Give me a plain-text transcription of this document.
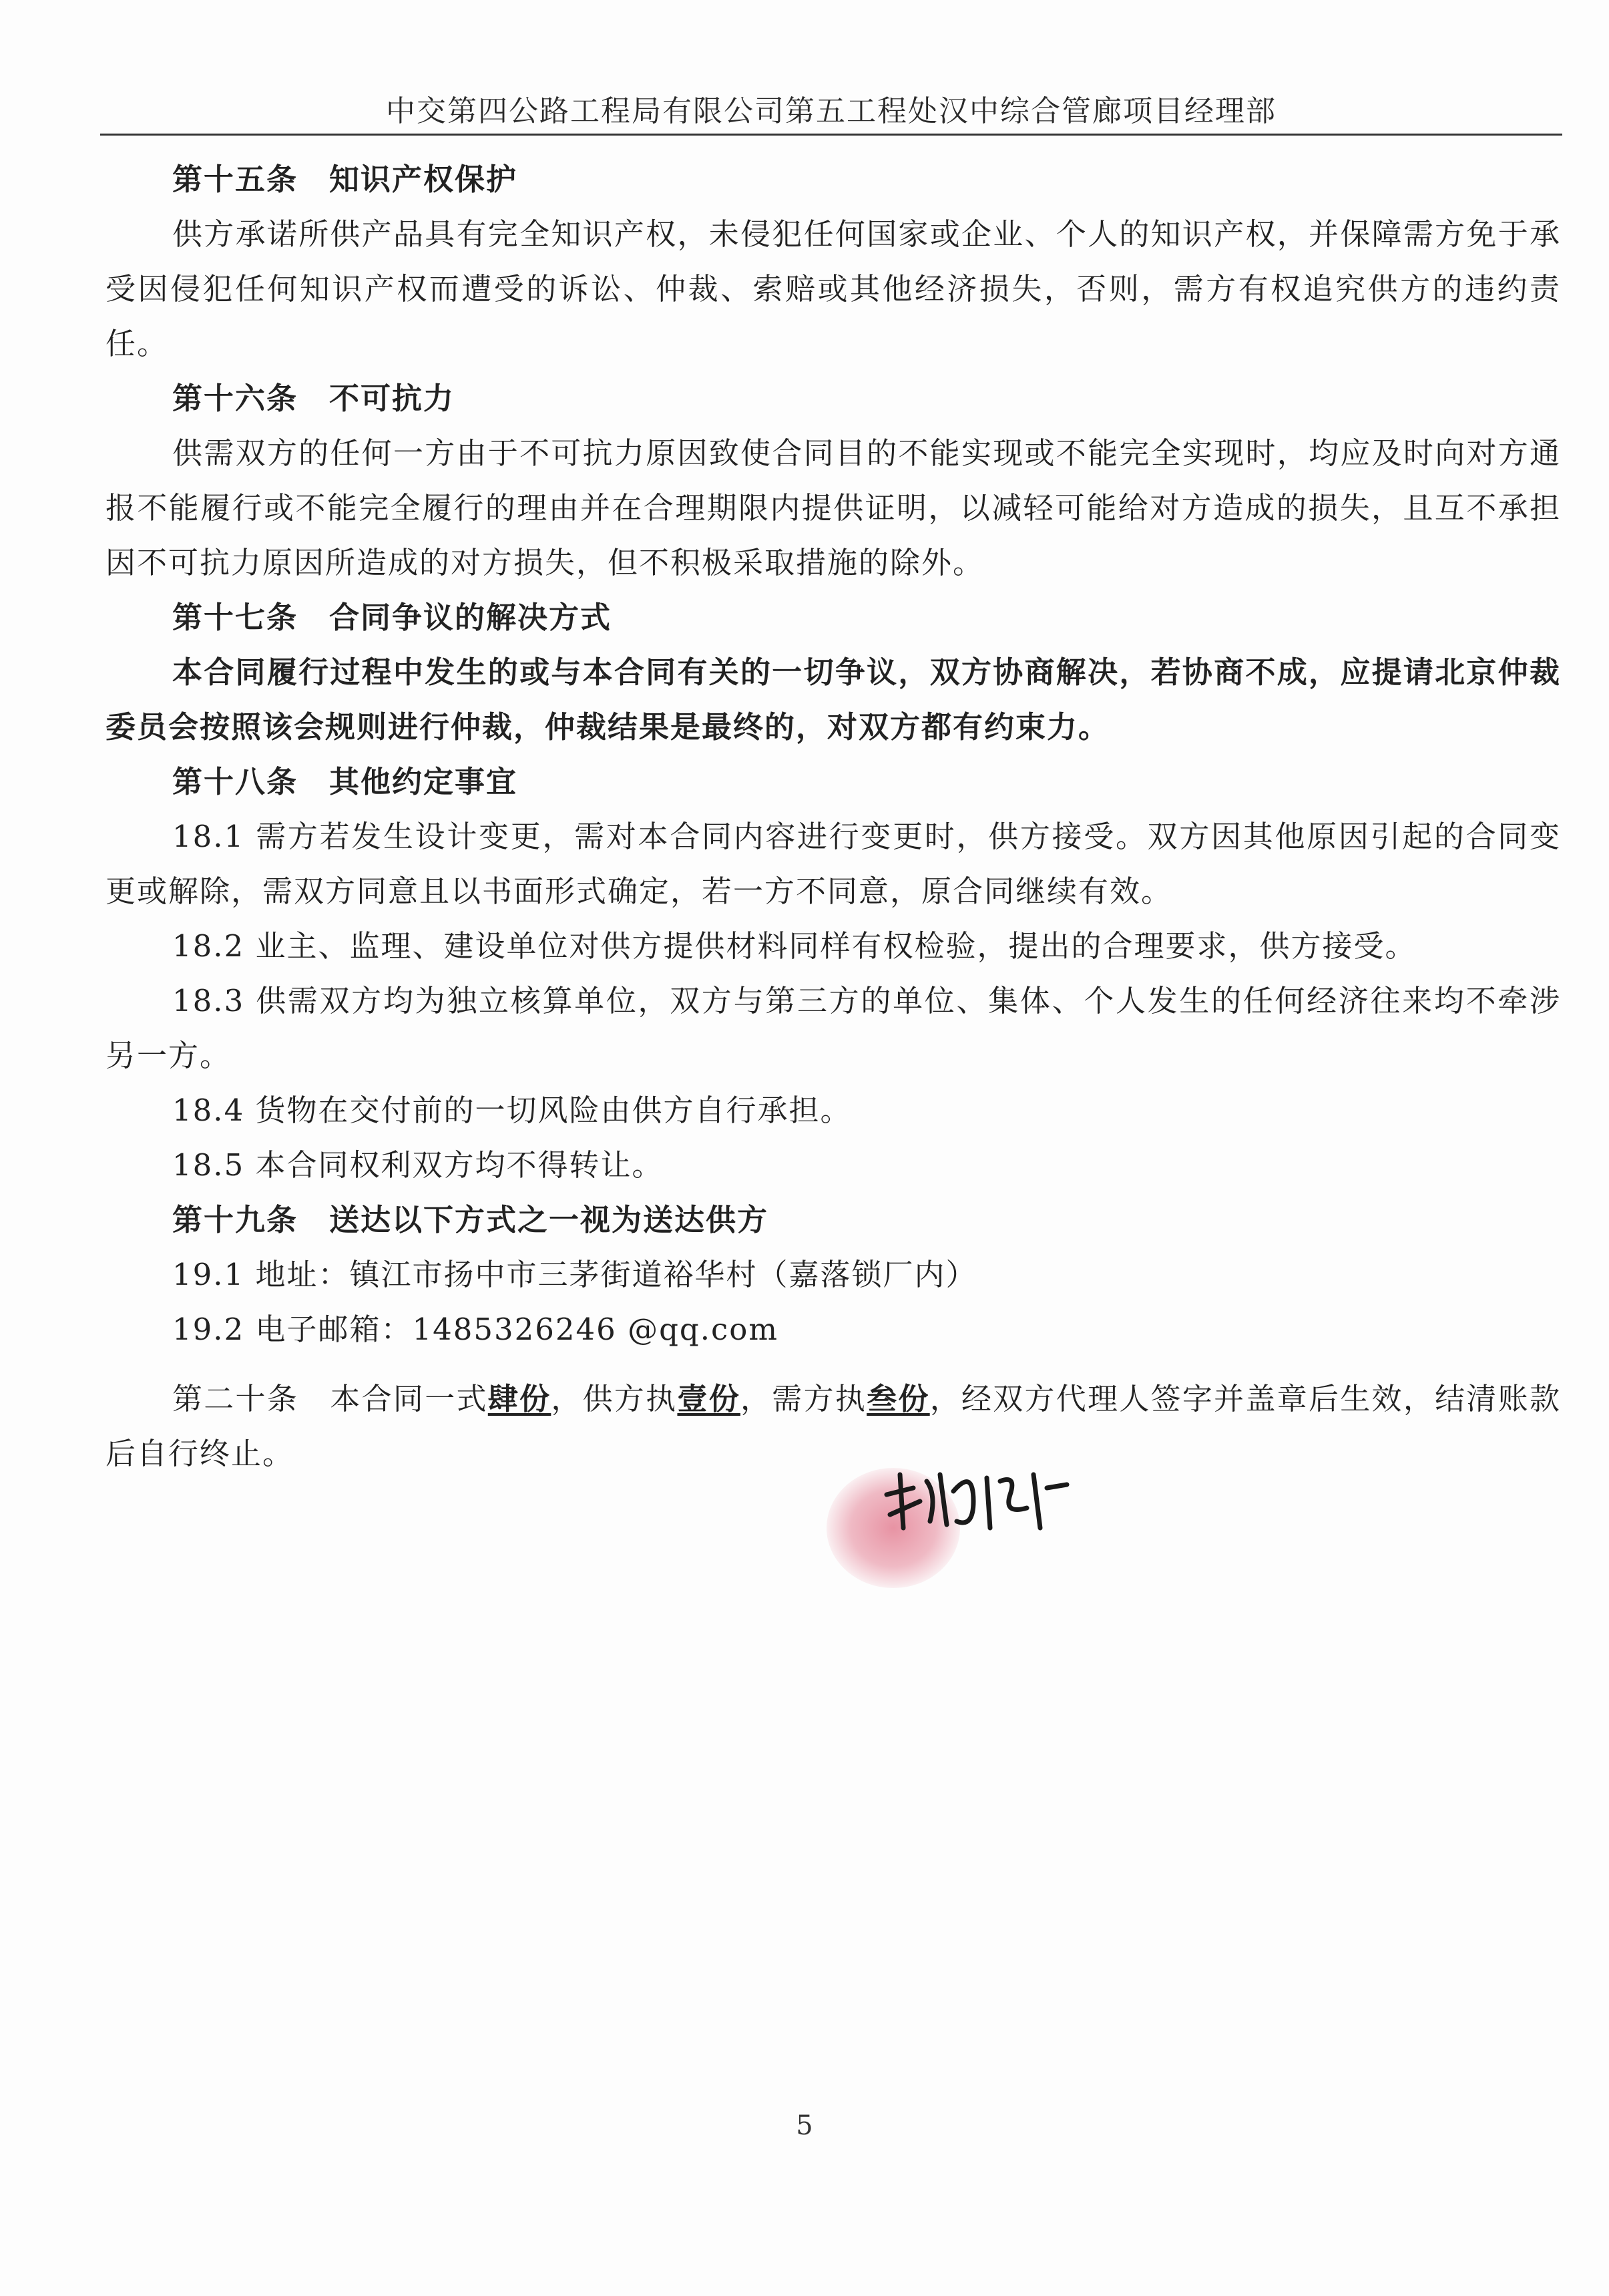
中交第四公路工程局有限公司第五工程处汉中综合管廊项目经理部

第十五条　知识产权保护

供方承诺所供产品具有完全知识产权，未侵犯任何国家或企业、个人的知识产权，并保障需方免于承受因侵犯任何知识产权而遭受的诉讼、仲裁、索赔或其他经济损失，否则，需方有权追究供方的违约责任。

第十六条　不可抗力

供需双方的任何一方由于不可抗力原因致使合同目的不能实现或不能完全实现时，均应及时向对方通报不能履行或不能完全履行的理由并在合理期限内提供证明，以减轻可能给对方造成的损失，且互不承担因不可抗力原因所造成的对方损失，但不积极采取措施的除外。

第十七条　合同争议的解决方式

本合同履行过程中发生的或与本合同有关的一切争议，双方协商解决，若协商不成，应提请北京仲裁委员会按照该会规则进行仲裁，仲裁结果是最终的，对双方都有约束力。

第十八条　其他约定事宜

18.1 需方若发生设计变更，需对本合同内容进行变更时，供方接受。双方因其他原因引起的合同变更或解除，需双方同意且以书面形式确定，若一方不同意，原合同继续有效。

18.2 业主、监理、建设单位对供方提供材料同样有权检验，提出的合理要求，供方接受。

18.3 供需双方均为独立核算单位，双方与第三方的单位、集体、个人发生的任何经济往来均不牵涉另一方。

18.4 货物在交付前的一切风险由供方自行承担。

18.5 本合同权利双方均不得转让。

第十九条　送达以下方式之一视为送达供方

19.1 地址：镇江市扬中市三茅街道裕华村（嘉落锁厂内）

19.2 电子邮箱：1485326246 @qq.com

第二十条　本合同一式肆份，供方执壹份，需方执叁份，经双方代理人签字并盖章后生效，结清账款后自行终止。

5
